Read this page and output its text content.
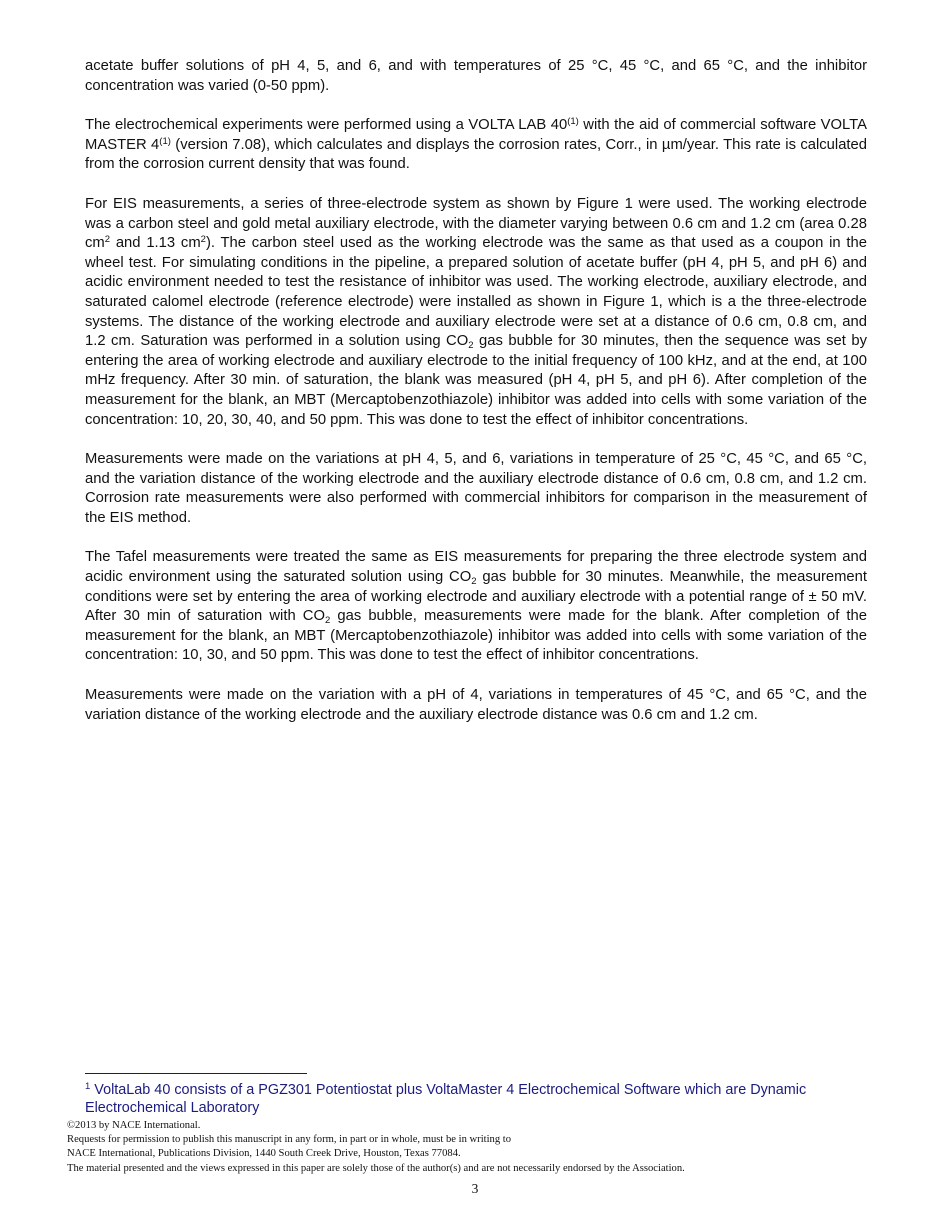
acetate buffer solutions of pH 4, 5, and 6, and with temperatures of 25 °C, 45 °C, and 65 °C, and the inhibitor concentration was varied (0-50 ppm).

The electrochemical experiments were performed using a VOLTA LAB 40$^{(1)}$ with the aid of commercial software VOLTA MASTER 4$^{(1)}$ (version 7.08), which calculates and displays the corrosion rates, Corr., in µm/year. This rate is calculated from the corrosion current density that was found.

For EIS measurements, a series of three-electrode system as shown by Figure 1 were used. The working electrode was a carbon steel and gold metal auxiliary electrode, with the diameter varying between 0.6 cm and 1.2 cm (area 0.28 $cm^2$ and 1.13 $cm^2$). The carbon steel used as the working electrode was the same as that used as a coupon in the wheel test. For simulating conditions in the pipeline, a prepared solution of acetate buffer (pH 4, pH 5, and pH 6) and acidic environment needed to test the resistance of inhibitor was used. The working electrode, auxiliary electrode, and saturated calomel electrode (reference electrode) were installed as shown in Figure 1, which is a the three-electrode systems. The distance of the working electrode and auxiliary electrode were set at a distance of 0.6 cm, 0.8 cm, and 1.2 cm. Saturation was performed in a solution using $CO_2$ gas bubble for 30 minutes, then the sequence was set by entering the area of working electrode and auxiliary electrode to the initial frequency of 100 kHz, and at the end, at 100 mHz frequency. After 30 min. of saturation, the blank was measured (pH 4, pH 5, and pH 6). After completion of the measurement for the blank, an MBT (Mercaptobenzothiazole) inhibitor was added into cells with some variation of the concentration: 10, 20, 30, 40, and 50 ppm. This was done to test the effect of inhibitor concentrations.

Measurements were made on the variations at pH 4, 5, and 6, variations in temperature of 25 °C, 45 °C, and 65 °C, and the variation distance of the working electrode and the auxiliary electrode distance of 0.6 cm, 0.8 cm, and 1.2 cm. Corrosion rate measurements were also performed with commercial inhibitors for comparison in the measurement of the EIS method.

The Tafel measurements were treated the same as EIS measurements for preparing the three electrode system and acidic environment using the saturated solution using $CO_2$ gas bubble for 30 minutes. Meanwhile, the measurement conditions were set by entering the area of working electrode and auxiliary electrode with a potential range of ± 50 mV. After 30 min of saturation with $CO_2$ gas bubble, measurements were made for the blank. After completion of the measurement for the blank, an MBT (Mercaptobenzothiazole) inhibitor was added into cells with some variation of the concentration: 10, 30, and 50 ppm. This was done to test the effect of inhibitor concentrations.

Measurements were made on the variation with a pH of 4, variations in temperatures of 45 °C, and 65 °C, and the variation distance of the working electrode and the auxiliary electrode distance was 0.6 cm and 1.2 cm.

$^1$ VoltaLab 40 consists of a PGZ301 Potentiostat plus VoltaMaster 4 Electrochemical Software which are Dynamic Electrochemical Laboratory
©2013 by NACE International.
Requests for permission to publish this manuscript in any form, in part or in whole, must be in writing to
NACE International, Publications Division, 1440 South Creek Drive, Houston, Texas 77084.
The material presented and the views expressed in this paper are solely those of the author(s) and are not necessarily endorsed by the Association.
3
